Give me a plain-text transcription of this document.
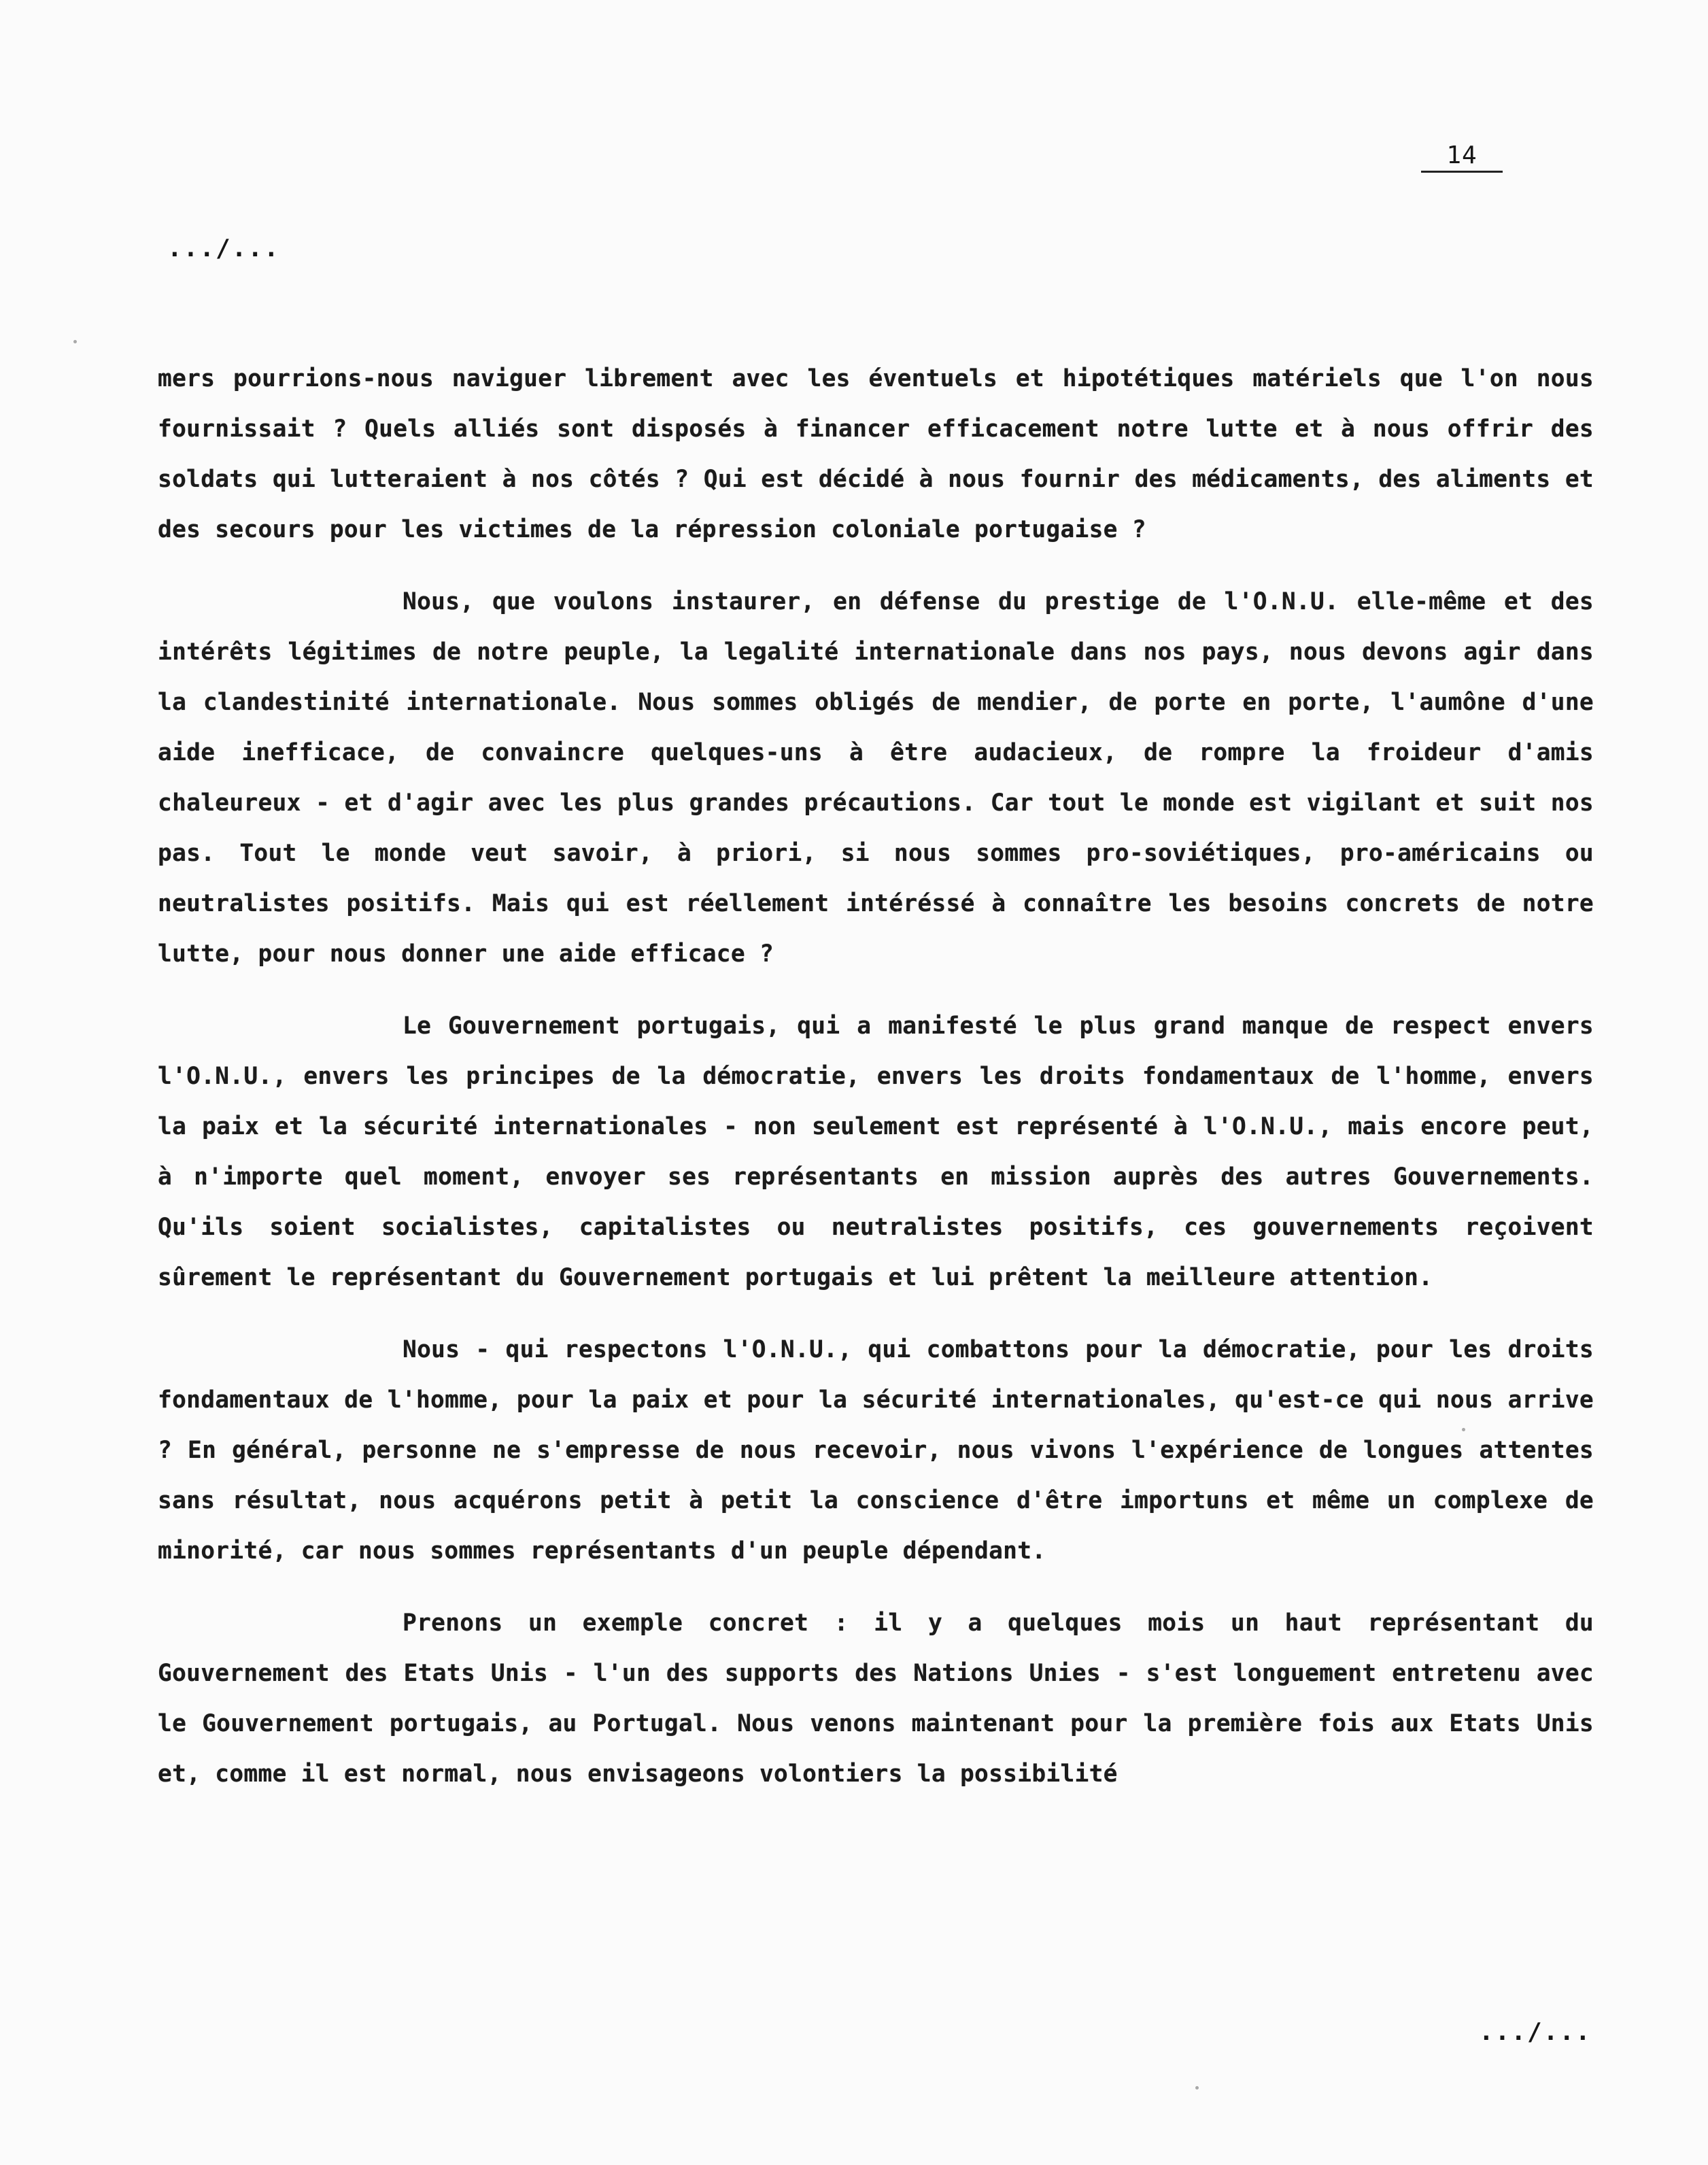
14
.../...

mers pourrions-nous naviguer librement avec les éventuels et hipotétiques matériels que l'on nous fournissait ? Quels alliés sont disposés à financer efficacement notre lutte et à nous offrir des soldats qui lutteraient à nos côtés ? Qui est décidé à nous fournir des médicaments, des aliments et des secours pour les victimes de la répression coloniale portugaise ?

Nous, que voulons instaurer, en défense du prestige de l'O.N.U. elle-même et des intérêts légitimes de notre peuple, la legalité internationale dans nos pays, nous devons agir dans la clandestinité internationale. Nous sommes obligés de mendier, de porte en porte, l'aumône d'une aide inefficace, de convaincre quelques-uns à être audacieux, de rompre la froideur d'amis chaleureux - et d'agir avec les plus grandes précautions. Car tout le monde est vigilant et suit nos pas. Tout le monde veut savoir, à priori, si nous sommes pro-soviétiques, pro-américains ou neutralistes positifs. Mais qui est réellement intéréssé à connaître les besoins concrets de notre lutte, pour nous donner une aide efficace ?

Le Gouvernement portugais, qui a manifesté le plus grand manque de respect envers l'O.N.U., envers les principes de la démocratie, envers les droits fondamentaux de l'homme, envers la paix et la sécurité internationales - non seulement est représenté à l'O.N.U., mais encore peut, à n'importe quel moment, envoyer ses représentants en mission auprès des autres Gouvernements. Qu'ils soient socialistes, capitalistes ou neutralistes positifs, ces gouvernements reçoivent sûrement le représentant du Gouvernement portugais et lui prêtent la meilleure attention.

Nous - qui respectons l'O.N.U., qui combattons pour la démocratie, pour les droits fondamentaux de l'homme, pour la paix et pour la sécurité internationales, qu'est-ce qui nous arrive ? En général, personne ne s'empresse de nous recevoir, nous vivons l'expérience de longues attentes sans résultat, nous acquérons petit à petit la conscience d'être importuns et même un complexe de minorité, car nous sommes représentants d'un peuple dépendant.

Prenons un exemple concret : il y a quelques mois un haut représentant du Gouvernement des Etats Unis - l'un des supports des Nations Unies - s'est longuement entretenu avec le Gouvernement portugais, au Portugal. Nous venons maintenant pour la première fois aux Etats Unis et, comme il est normal, nous envisageons volontiers la possibilité

.../...
